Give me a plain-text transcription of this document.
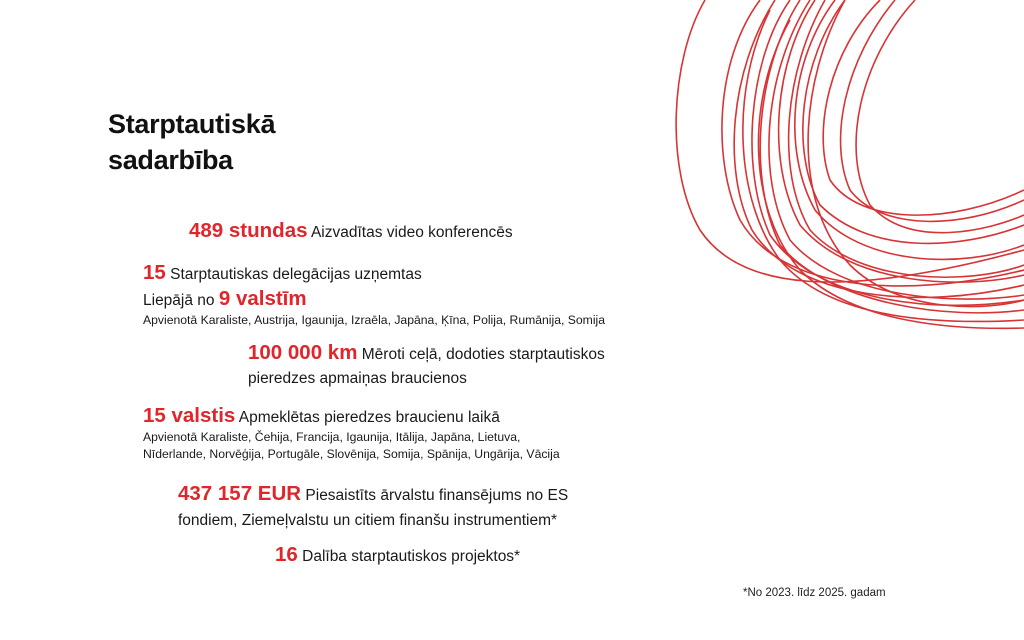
Starptautiskā
sadarbība
489 stundas Aizvadītas video konferencēs
15 Starptautiskas delegācijas uzņemtas
Liepājā no 9 valstīm
Apvienotā Karaliste, Austrija, Igaunija, Izraēla, Japāna, Ķīna, Polija, Rumānija, Somija
100 000 km Mēroti ceļā, dodoties starptautiskos
pieredzes apmaiņas braucienos
15 valstis Apmeklētas pieredzes braucienu laikā
Apvienotā Karaliste, Čehija, Francija, Igaunija, Itālija, Japāna, Lietuva,
Nīderlande, Norvēģija, Portugāle, Slovēnija, Somija, Spānija, Ungārija, Vācija
437 157 EUR Piesaistīts ārvalstu finansējums no ES
fondiem, Ziemeļvalstu un citiem finanšu instrumentiem*
16 Dalība starptautiskos projektos*
*No 2023. līdz 2025. gadam
